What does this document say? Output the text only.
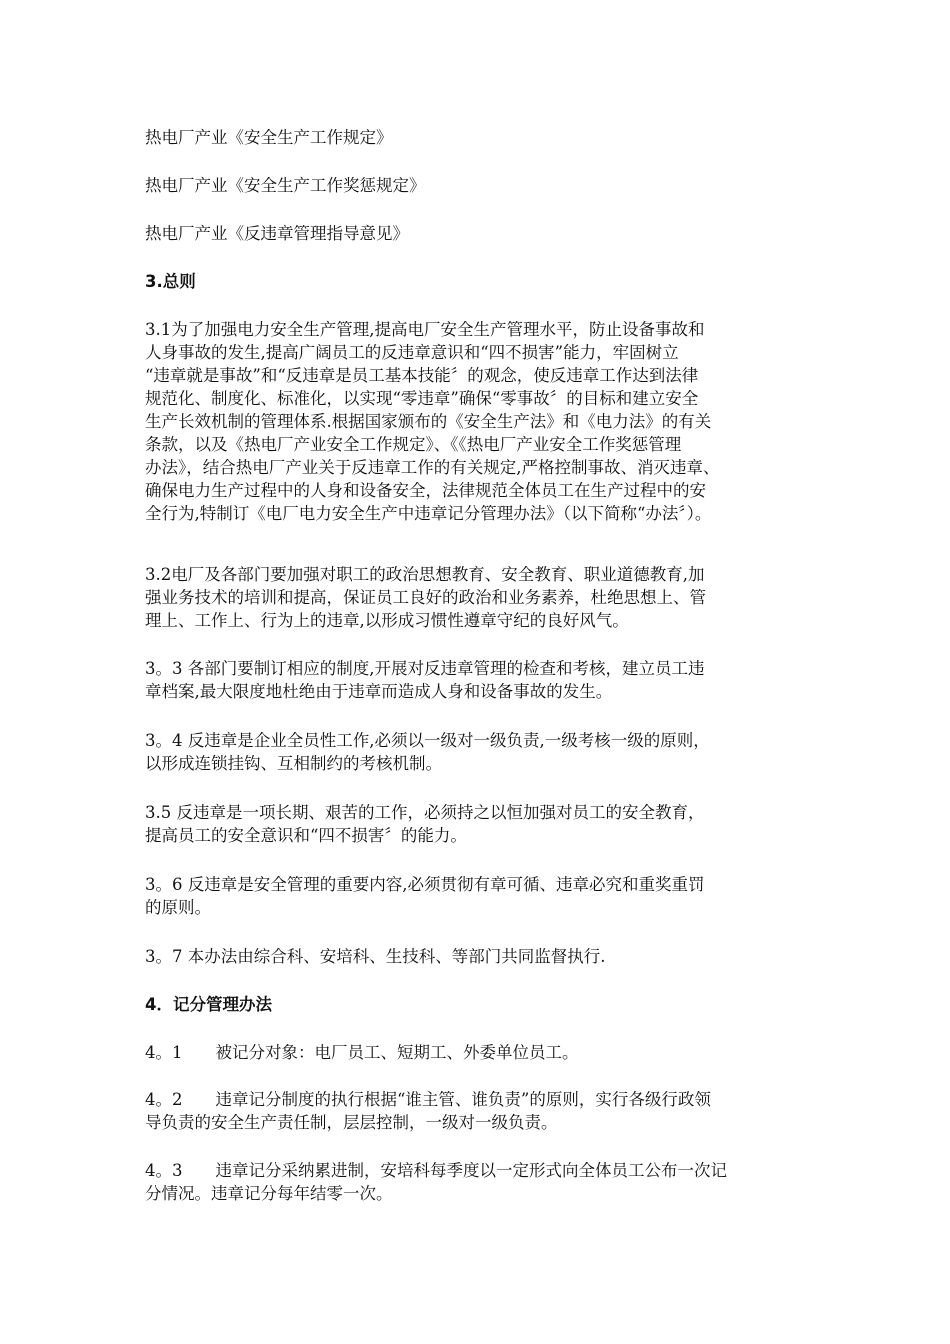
热电厂产业《安全生产工作规定》

热电厂产业《安全生产工作奖惩规定》

热电厂产业《反违章管理指导意见》

3.总则

3.1为了加强电力安全生产管理,提高电厂安全生产管理水平，防止设备事故和
人身事故的发生,提高广阔员工的反违章意识和“四不损害”能力，牢固树立
“违章就是事故”和“反违章是员工基本技能〞的观念，使反违章工作达到法律
规范化、制度化、标准化，以实现“零违章”确保“零事故〞的目标和建立安全
生产长效机制的管理体系.根据国家颁布的《安全生产法》和《电力法》的有关
条款，以及《热电厂产业安全工作规定》、《《热电厂产业安全工作奖惩管理
办法》，结合热电厂产业关于反违章工作的有关规定,严格控制事故、消灭违章、
确保电力生产过程中的人身和设备安全，法律规范全体员工在生产过程中的安
全行为,特制订《电厂电力安全生产中违章记分管理办法》（以下简称“办法〞）。
3.2电厂及各部门要加强对职工的政治思想教育、安全教育、职业道德教育,加
强业务技术的培训和提高，保证员工良好的政治和业务素养，杜绝思想上、管
理上、工作上、行为上的违章,以形成习惯性遵章守纪的良好风气。
3。3 各部门要制订相应的制度,开展对反违章管理的检查和考核，建立员工违
章档案,最大限度地杜绝由于违章而造成人身和设备事故的发生。
3。4 反违章是企业全员性工作,必须以一级对一级负责,一级考核一级的原则，
以形成连锁挂钩、互相制约的考核机制。
3.5 反违章是一项长期、艰苦的工作，必须持之以恒加强对员工的安全教育，
提高员工的安全意识和“四不损害〞的能力。
3。6 反违章是安全管理的重要内容,必须贯彻有章可循、违章必究和重奖重罚
的原则。
3。7 本办法由综合科、安培科、生技科、等部门共同监督执行.

4．记分管理办法

4。1　　被记分对象：电厂员工、短期工、外委单位员工。
4。2　　违章记分制度的执行根据“谁主管、谁负责”的原则，实行各级行政领
导负责的安全生产责任制，层层控制，一级对一级负责。
4。3　　违章记分采纳累进制，安培科每季度以一定形式向全体员工公布一次记
分情况。违章记分每年结零一次。
